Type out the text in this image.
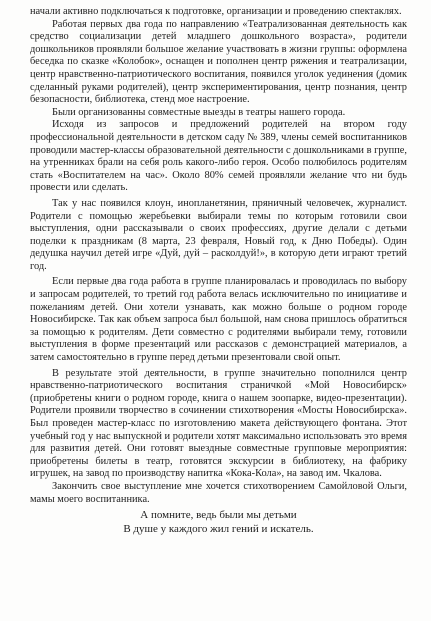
начали активно подключаться к подготовке, организации и проведению спектаклях.

Работая первых два года по направлению «Театрализованная деятельность как средство социализации детей младшего дошкольного возраста», родители дошкольников проявляли большое желание участвовать в жизни группы: оформлена беседка по сказке «Колобок», оснащен и пополнен центр ряжения и театрализации, центр нравственно-патриотического воспитания, появился уголок уединения (домик сделанный руками родителей), центр экспериментирования, центр познания, центр безопасности, библиотека, стенд мое настроение.

Были организованны совместные выезды в театры нашего города.

Исходя из запросов и предложений родителей на втором году профессиональной деятельности в детском саду № 389, члены семей воспитанников проводили мастер-классы образовательной деятельности с дошкольниками в группе, на утренниках брали на себя роль какого-либо героя. Особо полюбилось родителям стать «Воспитателем на час». Около 80% семей проявляли желание что ни будь провести или сделать.

Так у нас появился клоун, инопланетянин, пряничный человечек, журналист. Родители с помощью жеребьевки выбирали темы по которым готовили свои выступления, одни рассказывали о своих профессиях, другие делали с детьми поделки к праздникам (8 марта, 23 февраля, Новый год, к Дню Победы). Один дедушка научил детей игре «Дуй, дуй – расколдуй!», в которую дети играют третий год.

Если первые два года работа в группе планировалась и проводилась по выбору и запросам родителей, то третий год работа велась исключительно по инициативе и пожеланиям детей. Они хотели узнавать, как можно больше о родном городе Новосибирске. Так как объем запроса был большой, нам снова пришлось обратиться за помощью к родителям. Дети совместно с родителями выбирали тему, готовили выступления в форме презентаций или рассказов с демонстрацией материалов, а затем самостоятельно в группе перед детьми презентовали свой опыт.

В результате этой деятельности, в группе значительно пополнился центр нравственно-патриотического воспитания страничкой «Мой Новосибирск» (приобретены книги о родном городе, книга о нашем зоопарке, видео-презентации). Родители проявили творчество в сочинении стихотворения «Мосты Новосибирска». Был проведен мастер-класс по изготовлению макета действующего фонтана. Этот учебный год у нас выпускной и родители хотят максимально использовать это время для развития детей. Они готовят выездные совместные групповые мероприятия: приобретены билеты в театр, готовятся экскурсии в библиотеку, на фабрику игрушек, на завод по производству напитка «Кока-Кола», на завод им. Чкалова.

Закончить свое выступление мне хочется стихотворением Самойловой Ольги, мамы моего воспитанника.

А помните, ведь были мы детьми
В душе у каждого жил гений и искатель.
